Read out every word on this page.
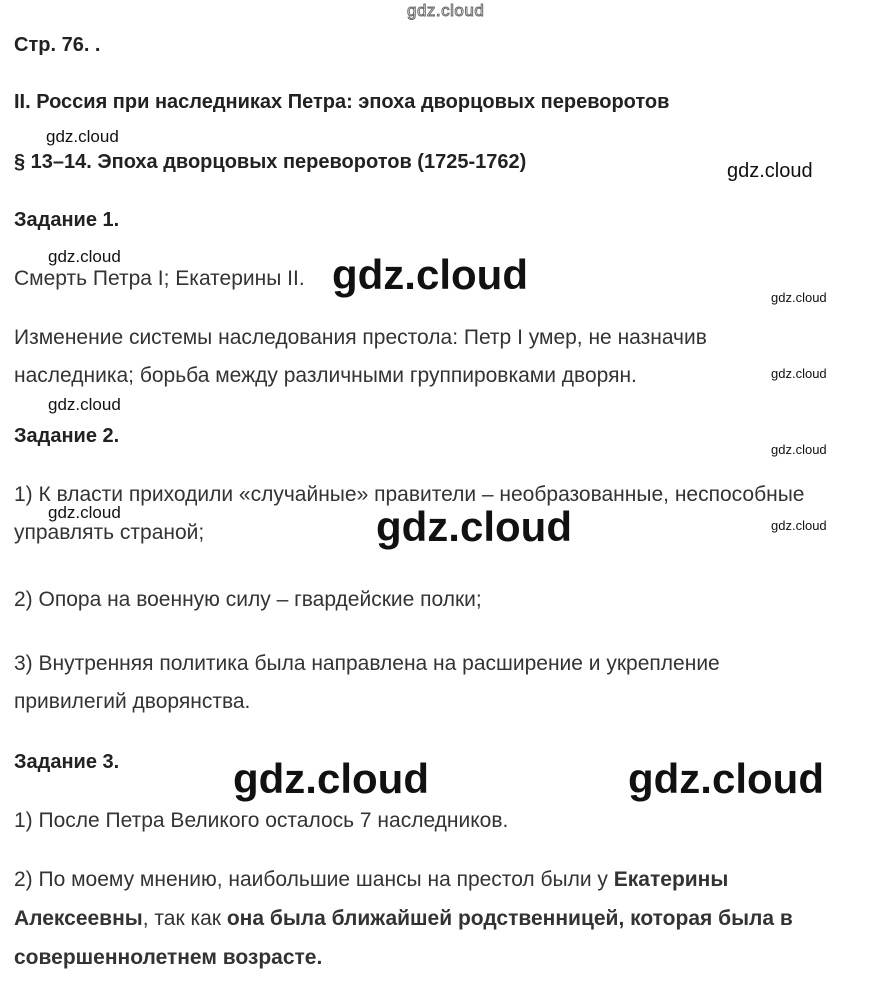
gdz.cloud
Стр. 76. .
II. Россия при наследниках Петра: эпоха дворцовых переворотов
§ 13–14. Эпоха дворцовых переворотов (1725-1762)
Задание 1.
Смерть Петра I; Екатерины II.
Изменение системы наследования престола: Петр I умер, не назначив
наследника; борьба между различными группировками дворян.
Задание 2.
1) К власти приходили «случайные» правители – необразованные, неспособные
управлять страной;
2) Опора на военную силу – гвардейские полки;
3) Внутренняя политика была направлена на расширение и укрепление
привилегий дворянства.
Задание 3.
1) После Петра Великого осталось 7 наследников.
2) По моему мнению, наибольшие шансы на престол были у Екатерины
Алексеевны, так как она была ближайшей родственницей, которая была в
совершеннолетнем возрасте.
gdz.cloud
gdz.cloud
gdz.cloud	gdz.cloud	gdz.cloud
gdz.cloud
gdz.cloud
gdz.cloud
gdz.cloud	gdz.cloud	gdz.cloud
gdz.cloud	gdz.cloud
